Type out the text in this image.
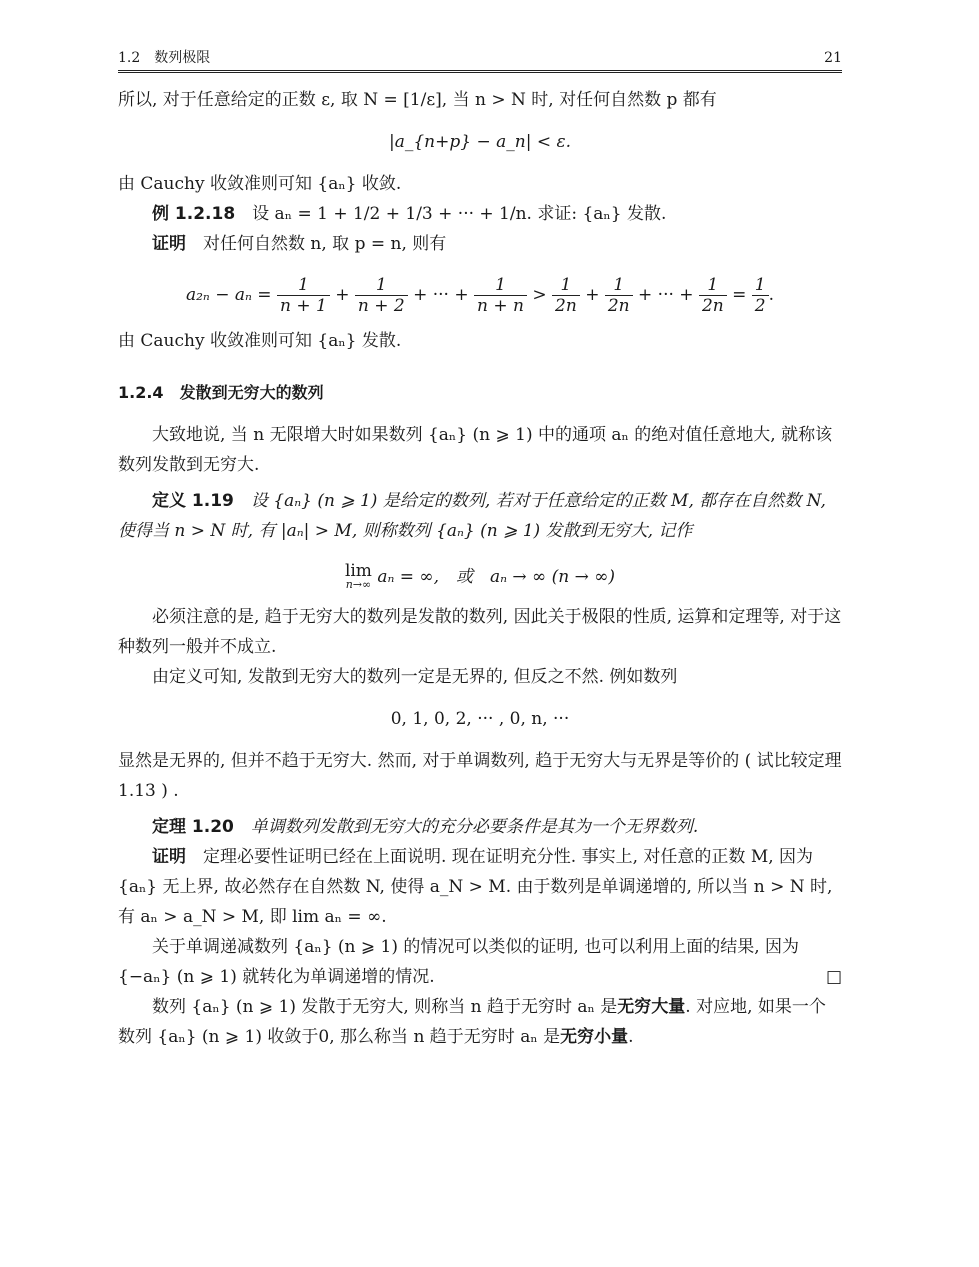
1.2　数列极限	21

所以, 对于任意给定的正数 ε, 取 N = [1/ε], 当 n > N 时, 对任何自然数 p 都有

|a_{n+p} − a_n| < ε.

由 Cauchy 收敛准则可知 {aₙ} 收敛.

例 1.2.18　 设 aₙ = 1 + 1/2 + 1/3 + ··· + 1/n. 求证: {aₙ} 发散.

证明　 对任何自然数 n, 取 p = n, 则有

$a_{2n} - a_n = \frac{1}{n + 1} + \frac{1}{n + 2}$ + ··· + $\frac{1}{n + n} > \frac{1}{2n} + \frac{1}{2n}$ + ··· + $\frac{1}{2n} = \frac{1}{2}$ .

由 Cauchy 收敛准则可知 {aₙ} 发散.

1.2.4　 发散到无穷大的数列

大致地说, 当 n 无限增大时如果数列 {aₙ} (n ⩾ 1) 中的通项 aₙ 的绝对值任意地大, 就称该数列发散到无穷大.

定义 1.19　 设 {aₙ} (n ⩾ 1) 是给定的数列, 若对于任意给定的正数 M, 都存在自然数 N, 使得当 n > N 时, 有 |aₙ| > M, 则称数列 {aₙ} (n ⩾ 1) 发散到无穷大, 记作

lim
n→∞ aₙ = ∞,　或　aₙ → ∞ (n → ∞)

必须注意的是, 趋于无穷大的数列是发散的数列, 因此关于极限的性质, 运算和定理等, 对于这种数列一般并不成立.

由定义可知, 发散到无穷大的数列一定是无界的, 但反之不然. 例如数列

0, 1, 0, 2, ··· , 0, n, ···

显然是无界的, 但并不趋于无穷大. 然而, 对于单调数列, 趋于无穷大与无界是等价的 ( 试比较定理 1.13 ) .

定理 1.20　 单调数列发散到无穷大的充分必要条件是其为一个无界数列.

证明　 定理必要性证明已经在上面说明. 现在证明充分性. 事实上, 对任意的正数 M, 因为 {aₙ} 无上界, 故必然存在自然数 N, 使得 a_N > M. 由于数列是单调递增的, 所以当 n > N 时, 有 aₙ > a_N > M, 即 lim aₙ = ∞.

关于单调递减数列 {aₙ} (n ⩾ 1) 的情况可以类似的证明, 也可以利用上面的结果, 因为 {−aₙ} (n ⩾ 1) 就转化为单调递增的情况.	□

数列 {aₙ} (n ⩾ 1) 发散于无穷大, 则称当 n 趋于无穷时 aₙ 是无穷大量. 对应地, 如果一个数列 {aₙ} (n ⩾ 1) 收敛于0, 那么称当 n 趋于无穷时 aₙ 是无穷小量.
